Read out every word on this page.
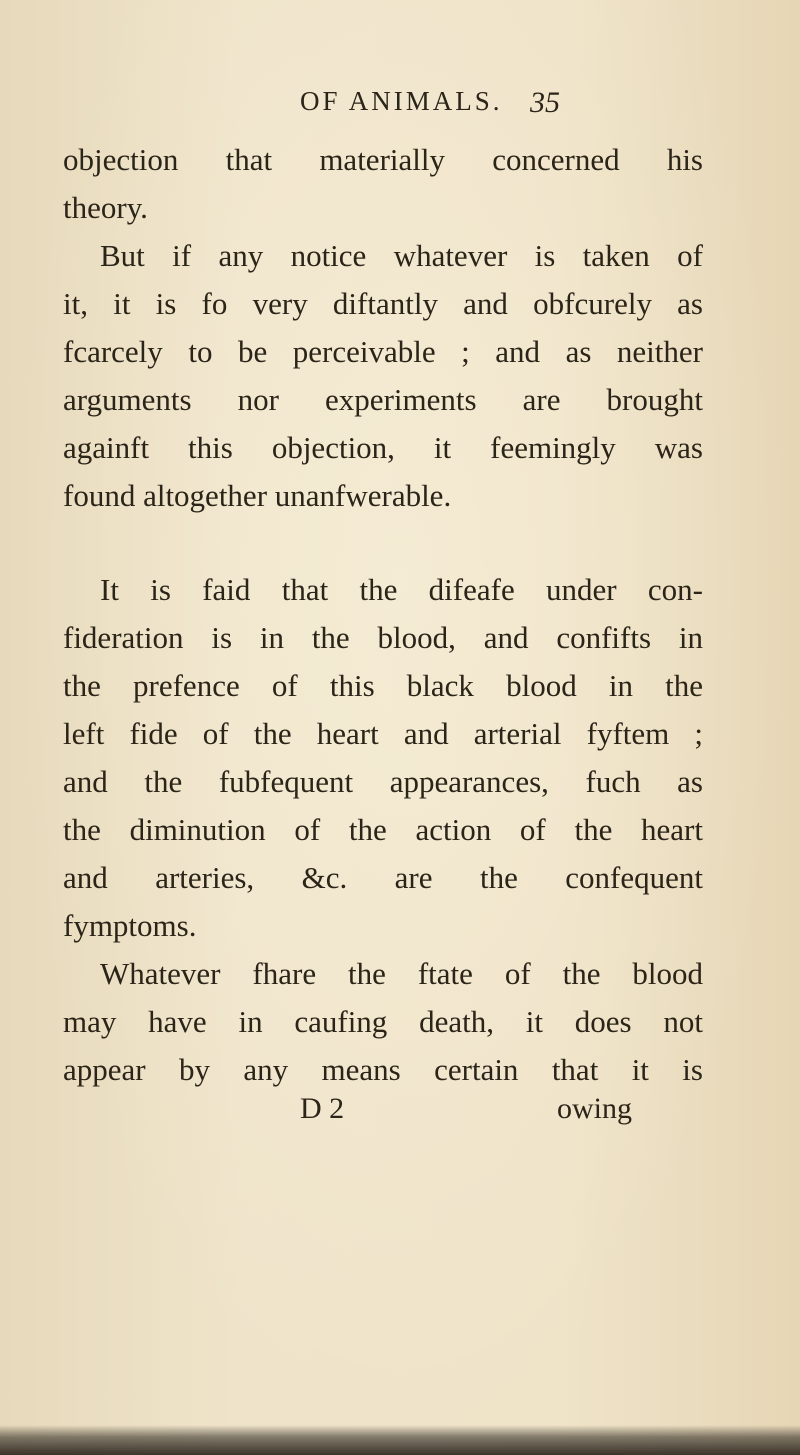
OF ANIMALS. 35
objection that materially concerned his
theory.
But if any notice whatever is taken of
it, it is fo very diftantly and obfcurely as
fcarcely to be perceivable ; and as neither
arguments nor experiments are brought
againft this objection, it feemingly was
found altogether unanfwerable.
It is faid that the difeafe under con-
fideration is in the blood, and confifts in
the prefence of this black blood in the
left fide of the heart and arterial fyftem ;
and the fubfequent appearances, fuch as
the diminution of the action of the heart
and arteries, &c. are the confequent
fymptoms.
Whatever fhare the ftate of the blood
may have in caufing death, it does not
appear by any means certain that it is
D 2	owing
